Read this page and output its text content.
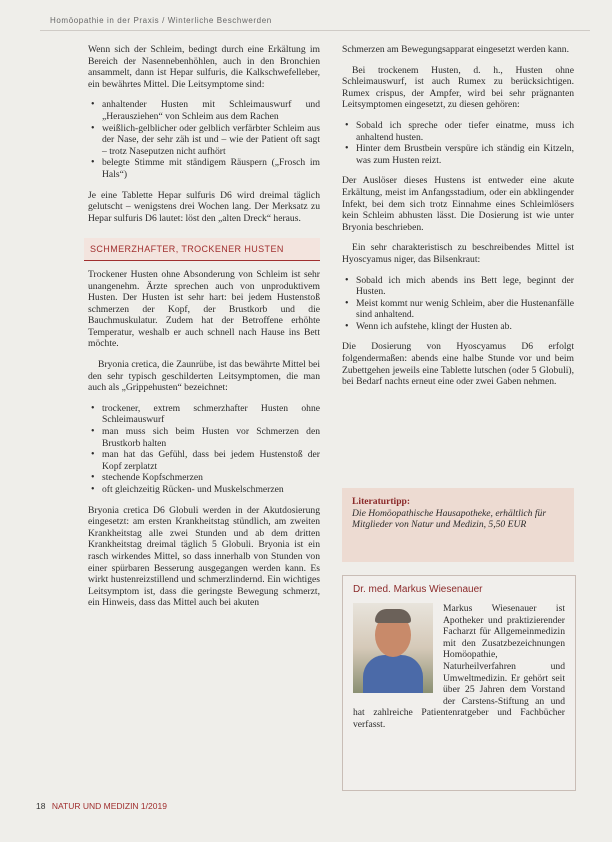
Homöopathie in der Praxis / Winterliche Beschwerden

Wenn sich der Schleim, bedingt durch eine Erkältung im Bereich der Nasennebenhöhlen, auch in den Bronchien ansammelt, dann ist Hepar sulfuris, die Kalkschwefelleber, ein bewährtes Mittel. Die Leitsymptome sind:

• anhaltender Husten mit Schleimauswurf und „Herausziehen“ von Schleim aus dem Rachen
• weißlich-gelblicher oder gelblich verfärbter Schleim aus der Nase, der sehr zäh ist und – wie der Patient oft sagt – trotz Naseputzen nicht aufhört
• belegte Stimme mit ständigem Räuspern („Frosch im Hals“)

Je eine Tablette Hepar sulfuris D6 wird dreimal täglich gelutscht – wenigstens drei Wochen lang. Der Merksatz zu Hepar sulfuris D6 lautet: löst den „alten Dreck“ heraus.

SCHMERZHAFTER, TROCKENER HUSTEN

Trockener Husten ohne Absonderung von Schleim ist sehr unangenehm. Ärzte sprechen auch von unproduktivem Husten. Der Husten ist sehr hart: bei jedem Hustenstoß schmerzen der Kopf, der Brustkorb und die Bauchmuskulatur. Zudem hat der Betroffene erhöhte Temperatur, weshalb er auch schnell nach Hause ins Bett möchte.

Bryonia cretica, die Zaunrübe, ist das bewährte Mittel bei den sehr typisch geschilderten Leitsymptomen, die man auch als „Grippehusten“ bezeichnet:

• trockener, extrem schmerzhafter Husten ohne Schleimauswurf
• man muss sich beim Husten vor Schmerzen den Brustkorb halten
• man hat das Gefühl, dass bei jedem Hustenstoß der Kopf zerplatzt
• stechende Kopfschmerzen
• oft gleichzeitig Rücken- und Muskelschmerzen

Bryonia cretica D6 Globuli werden in der Akutdosierung eingesetzt: am ersten Krankheitstag stündlich, am zweiten Krankheitstag alle zwei Stunden und ab dem dritten Krankheitstag dreimal täglich 5 Globuli. Bryonia ist ein rasch wirkendes Mittel, so dass innerhalb von Stunden von einer spürbaren Besserung ausgegangen werden kann. Es wirkt hustenreizstillend und schmerzlindernd. Ein wichtiges Leitsymptom ist, dass die geringste Bewegung schmerzt, ein Hinweis, dass das Mittel auch bei akuten

Schmerzen am Bewegungsapparat eingesetzt werden kann.

Bei trockenem Husten, d. h., Husten ohne Schleimauswurf, ist auch Rumex zu berücksichtigen. Rumex crispus, der Ampfer, wird bei sehr prägnanten Leitsymptomen eingesetzt, zu diesen gehören:

• Sobald ich spreche oder tiefer einatme, muss ich anhaltend husten.
• Hinter dem Brustbein verspüre ich ständig ein Kitzeln, was zum Husten reizt.

Der Auslöser dieses Hustens ist entweder eine akute Erkältung, meist im Anfangsstadium, oder ein abklingender Infekt, bei dem sich trotz Einnahme eines Schleimlösers kein Schleim abhusten lässt. Die Dosierung ist wie unter Bryonia beschrieben.

Ein sehr charakteristisch zu beschreibendes Mittel ist Hyoscyamus niger, das Bilsenkraut:

• Sobald ich mich abends ins Bett lege, beginnt der Husten.
• Meist kommt nur wenig Schleim, aber die Hustenanfälle sind anhaltend.
• Wenn ich aufstehe, klingt der Husten ab.

Die Dosierung von Hyoscyamus D6 erfolgt folgendermaßen: abends eine halbe Stunde vor und beim Zubettgehen jeweils eine Tablette lutschen (oder 5 Globuli), bei Bedarf nachts erneut eine oder zwei Gaben nehmen.

Literaturtipp:
Die Homöopathische Hausapotheke, erhältlich für Mitglieder von Natur und Medizin, 5,50 EUR
Dr. med. Markus Wiesenauer
Markus Wiesenauer ist Apotheker und praktizierender Facharzt für Allgemeinmedizin mit den Zusatzbezeichnungen Homöopathie, Naturheilverfahren und Umweltmedizin. Er gehört seit über 25 Jahren dem Vorstand der Carstens-Stiftung an und hat zahlreiche Patientenratgeber und Fachbücher verfasst.
18 NATUR UND MEDIZIN 1/2019
